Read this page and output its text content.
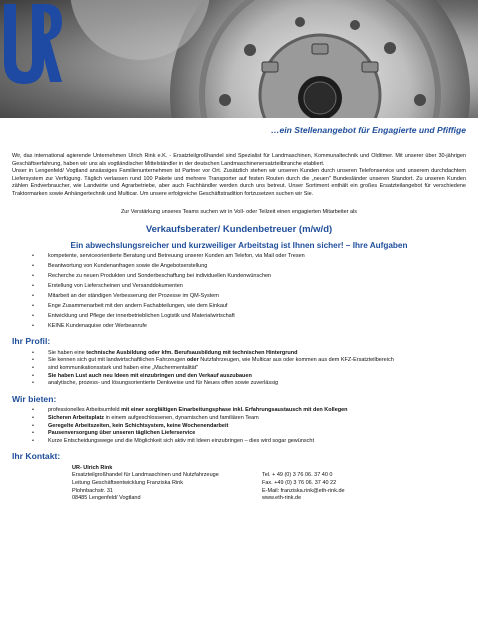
…ein Stellenangebot für Engagierte und Pfiffige

Wir, das international agierende Unternehmen Ulrich Rink e.K. - Ersatzteilgroßhandel sind Spezialist für Landmaschinen, Kommunaltechnik und Oldtimer. Mit unserer über 30-jährigen Geschäftserfahrung, haben wir uns als vogtländischer Mittelständler in der deutschen Landmaschinenersatzteilbranche etabliert.

Unser in Lengenfeld/ Vogtland ansässiges Familienunternehmen ist Partner vor Ort. Zusätzlich stehen wir unseren Kunden durch unseren Telefonservice und unserem durchdachtem Liefersystem zur Verfügung. Täglich verlassen rund 100 Pakete und mehrere Transporter auf festen Routen durch die „neuen" Bundesländer unseren Standort. Zu unseren Kunden zählen Endverbraucher, wie Landwirte und Agrarbetriebe, aber auch Fachhändler werden durch uns betreut. Unser Sortiment enthält ein großes Ersatzteilangebot für verschiedene Traktormarken sowie Anhängertechnik und Multicar. Um unsere erfolgreiche Geschäftstradition fortzusetzen suchen wir Sie.

Zur Verstärkung unseres Teams suchen wir in Voll- oder Teilzeit einen engagierten Mitarbeiter als

Verkaufsberater/ Kundenbetreuer (m/w/d)
Ein abwechslungsreicher und kurzweiliger Arbeitstag ist Ihnen sicher! – Ihre Aufgaben
• kompetente, serviceorientierte Beratung und Betreuung unserer Kunden am Telefon, via Mail oder Tresen
• Beantwortung von Kundenanfragen sowie die Angebotserstellung
• Recherche zu neuen Produkten und Sonderbeschaffung bei individuellen Kundenwünschen
• Erstellung von Lieferscheinen und Versanddokumenten
• Mitarbeit an der ständigen Verbesserung der Prozesse im QM-System
• Enge Zusammenarbeit mit den andern Fachabteilungen, wie dem Einkauf
• Entwicklung und Pflege der innerbetrieblichen Logistik und Materialwirtschaft
• KEINE Kundenaquise oder Werbeanrufe
Ihr Profil:
• Sie haben eine technische Ausbildung oder kfm. Berufsausbildung mit technischen Hintergrund
• Sie kennen sich gut mit landwirtschaftlichen Fahrzeugen oder Nutzfahrzeugen, wie Multicar aus oder kommen aus dem KFZ-Ersatzteilbereich
• sind kommunikationsstark und haben eine „Machermentalität"
• Sie haben Lust auch neu Ideen mit einzubringen und den Verkauf auszubauen
• analytische, prozess- und lösungsorientierte Denkweise und für Neues offen sowie zuverlässig
Wir bieten:
• professionelles Arbeitsumfeld mit einer sorgfältigen Einarbeitungsphase inkl. Erfahrungsaustausch mit den Kollegen
• Sicheren Arbeitsplatz in einem aufgeschlossenen, dynamischen und familiären Team
• Geregelte Arbeitszeiten, kein Schichtsystem, keine Wochenendarbeit
• Pausenversorgung über unseren täglichen Lieferservice
• Kurze Entscheidungswege und die Möglichkeit sich aktiv mit Ideen einzubringen – dies wird sogar gewünscht
Ihr Kontakt:
UR- Ulrich Rink
Ersatzteilgroßhandel für Landmaschinen und Nutzfahrzeuge
Leitung Geschäftsentwicklung Franziska Rink
Plohnbachstr. 31
08485 Lengenfeld/ Vogtland

Tel. + 49 (0) 3 76 06. 37 40 0
Fax. +49 (0) 3 76 06. 37 40 22
E-Mail: franziska.rink@eth-rink.de
www.eth-rink.de
